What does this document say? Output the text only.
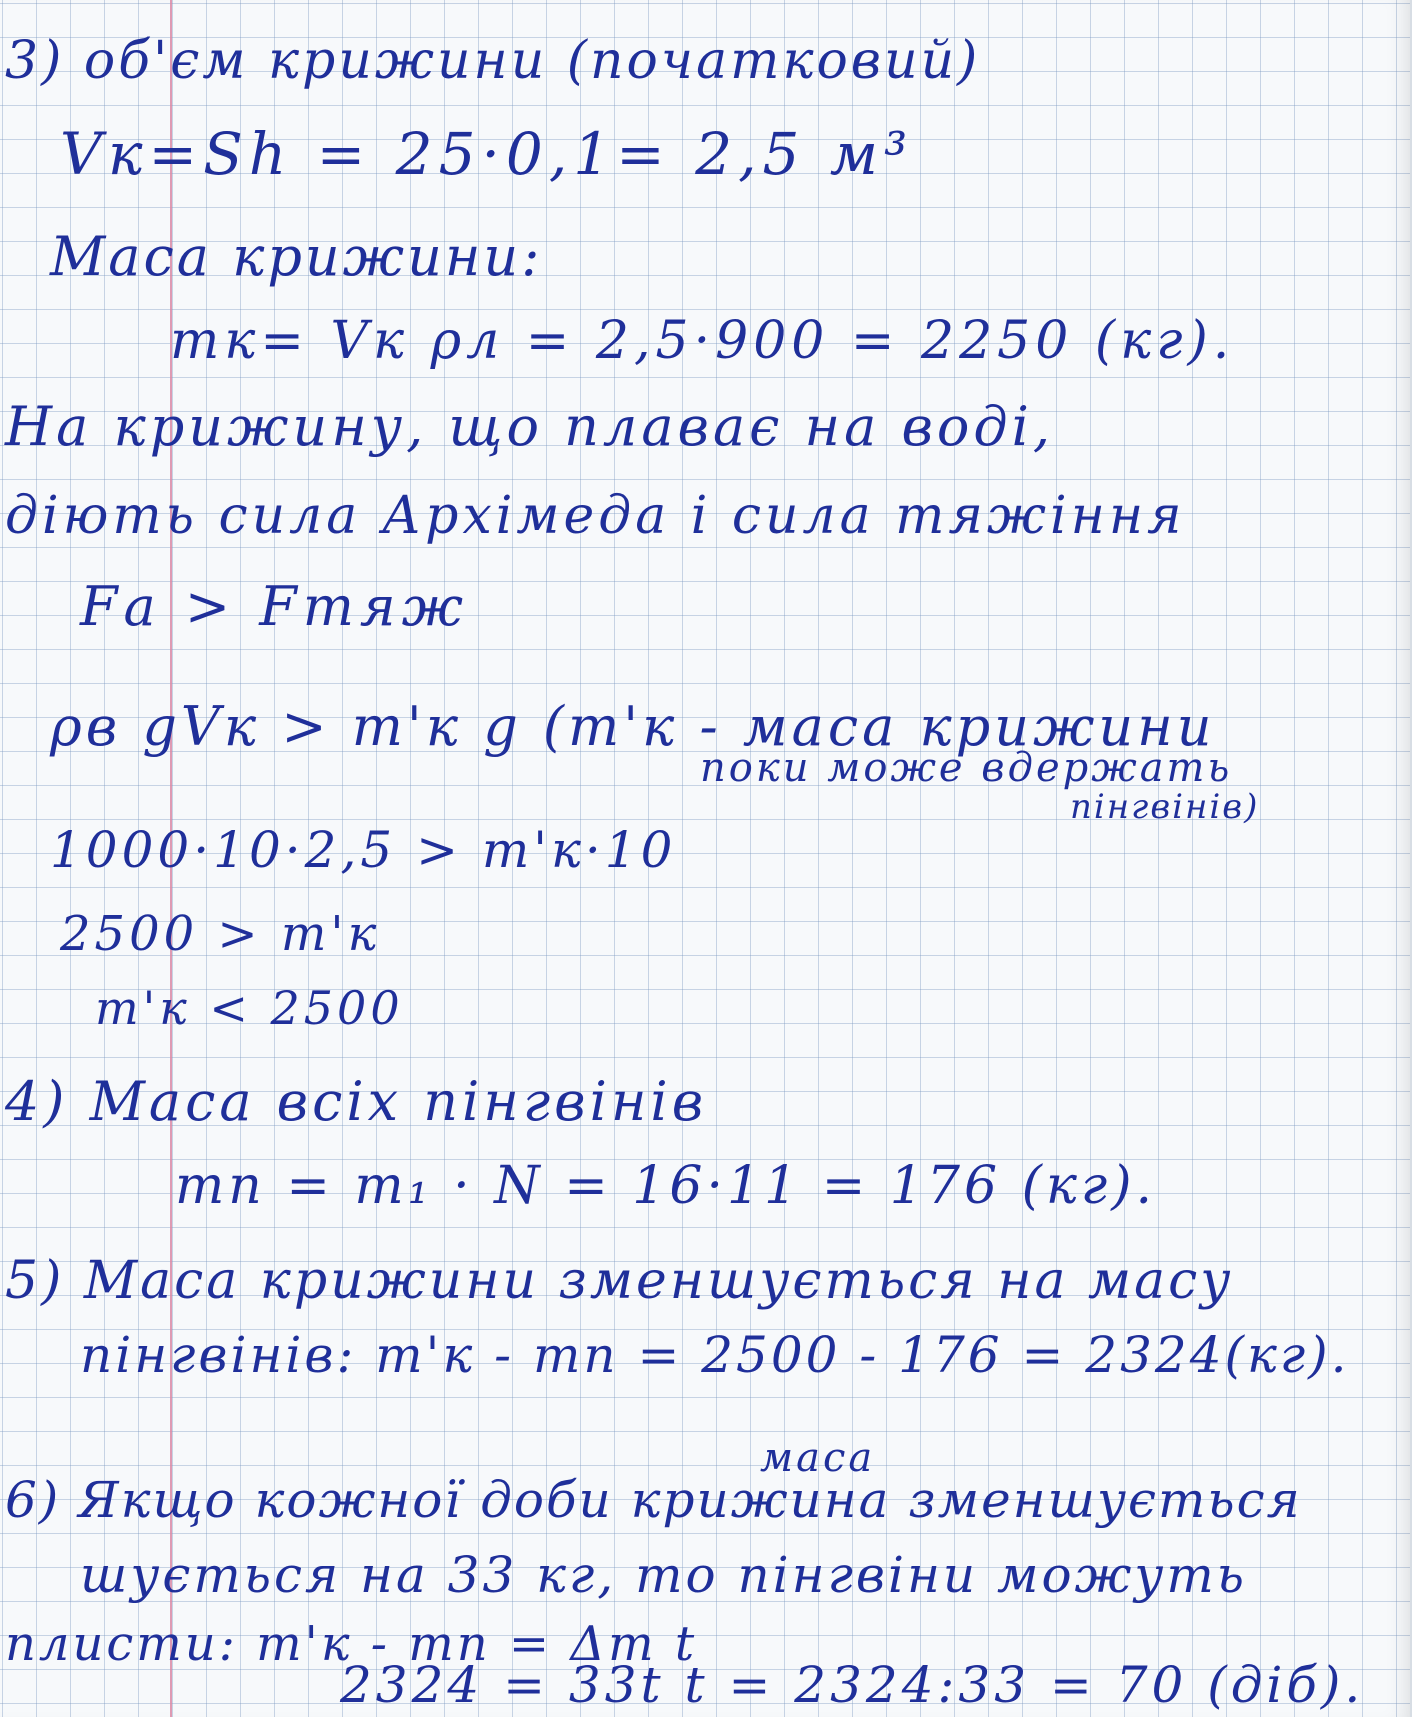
3) об'єм крижини (початковий)
Vк=Sh = 25·0,1= 2,5 м³
Маса крижини:
mк= Vк ρл = 2,5·900 = 2250 (кг).
На крижину, що плаває на воді,
діють сила Архімеда і сила тяжіння
Fа > Fтяж
ρв gVк > m'к g (m'к - маса крижини
поки може вдержать
пінгвінів)
1000·10·2,5 > m'к·10
2500 > m'к
m'к < 2500
4) Маса всіх пінгвінів
mп = m₁ · N = 16·11 = 176 (кг).
5) Маса крижини зменшується на масу
пінгвінів: m'к - mп = 2500 - 176 = 2324(кг).
маса
6) Якщо кожної доби крижина зменшується
шується на 33 кг, то пінгвіни можуть
плисти: m'к - mп = Δm t
2324 = 33t t = 2324:33 = 70 (діб).
